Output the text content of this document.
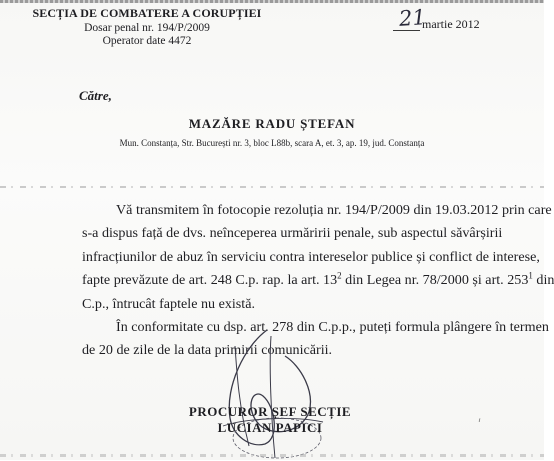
SECȚIA DE COMBATERE A CORUPȚIEI
Dosar penal nr. 194/P/2009
Operator date 4472
21
martie 2012
Către,
MAZĂRE RADU ȘTEFAN
Mun. Constanța, Str. București nr. 3, bloc L88b, scara A, et. 3, ap. 19, jud. Constanța
Vă transmitem în fotocopie rezoluția nr. 194/P/2009 din 19.03.2012 prin care
s-a dispus față de dvs. neînceperea urmăririi penale, sub aspectul săvârșirii
infracțiunilor de abuz în serviciu contra intereselor publice și conflict de interese,
fapte prevăzute de art. 248 C.p. rap. la art. $13^2$ din Legea nr. 78/2000 și art. $253^1$ din
C.p., întrucât faptele nu există.
În conformitate cu dsp. art. 278 din C.p.p., puteți formula plângere în termen
de 20 de zile de la data primirii comunicării.
PROCUROR ȘEF SECȚIE
LUCIAN PAPICI	ᶥ
